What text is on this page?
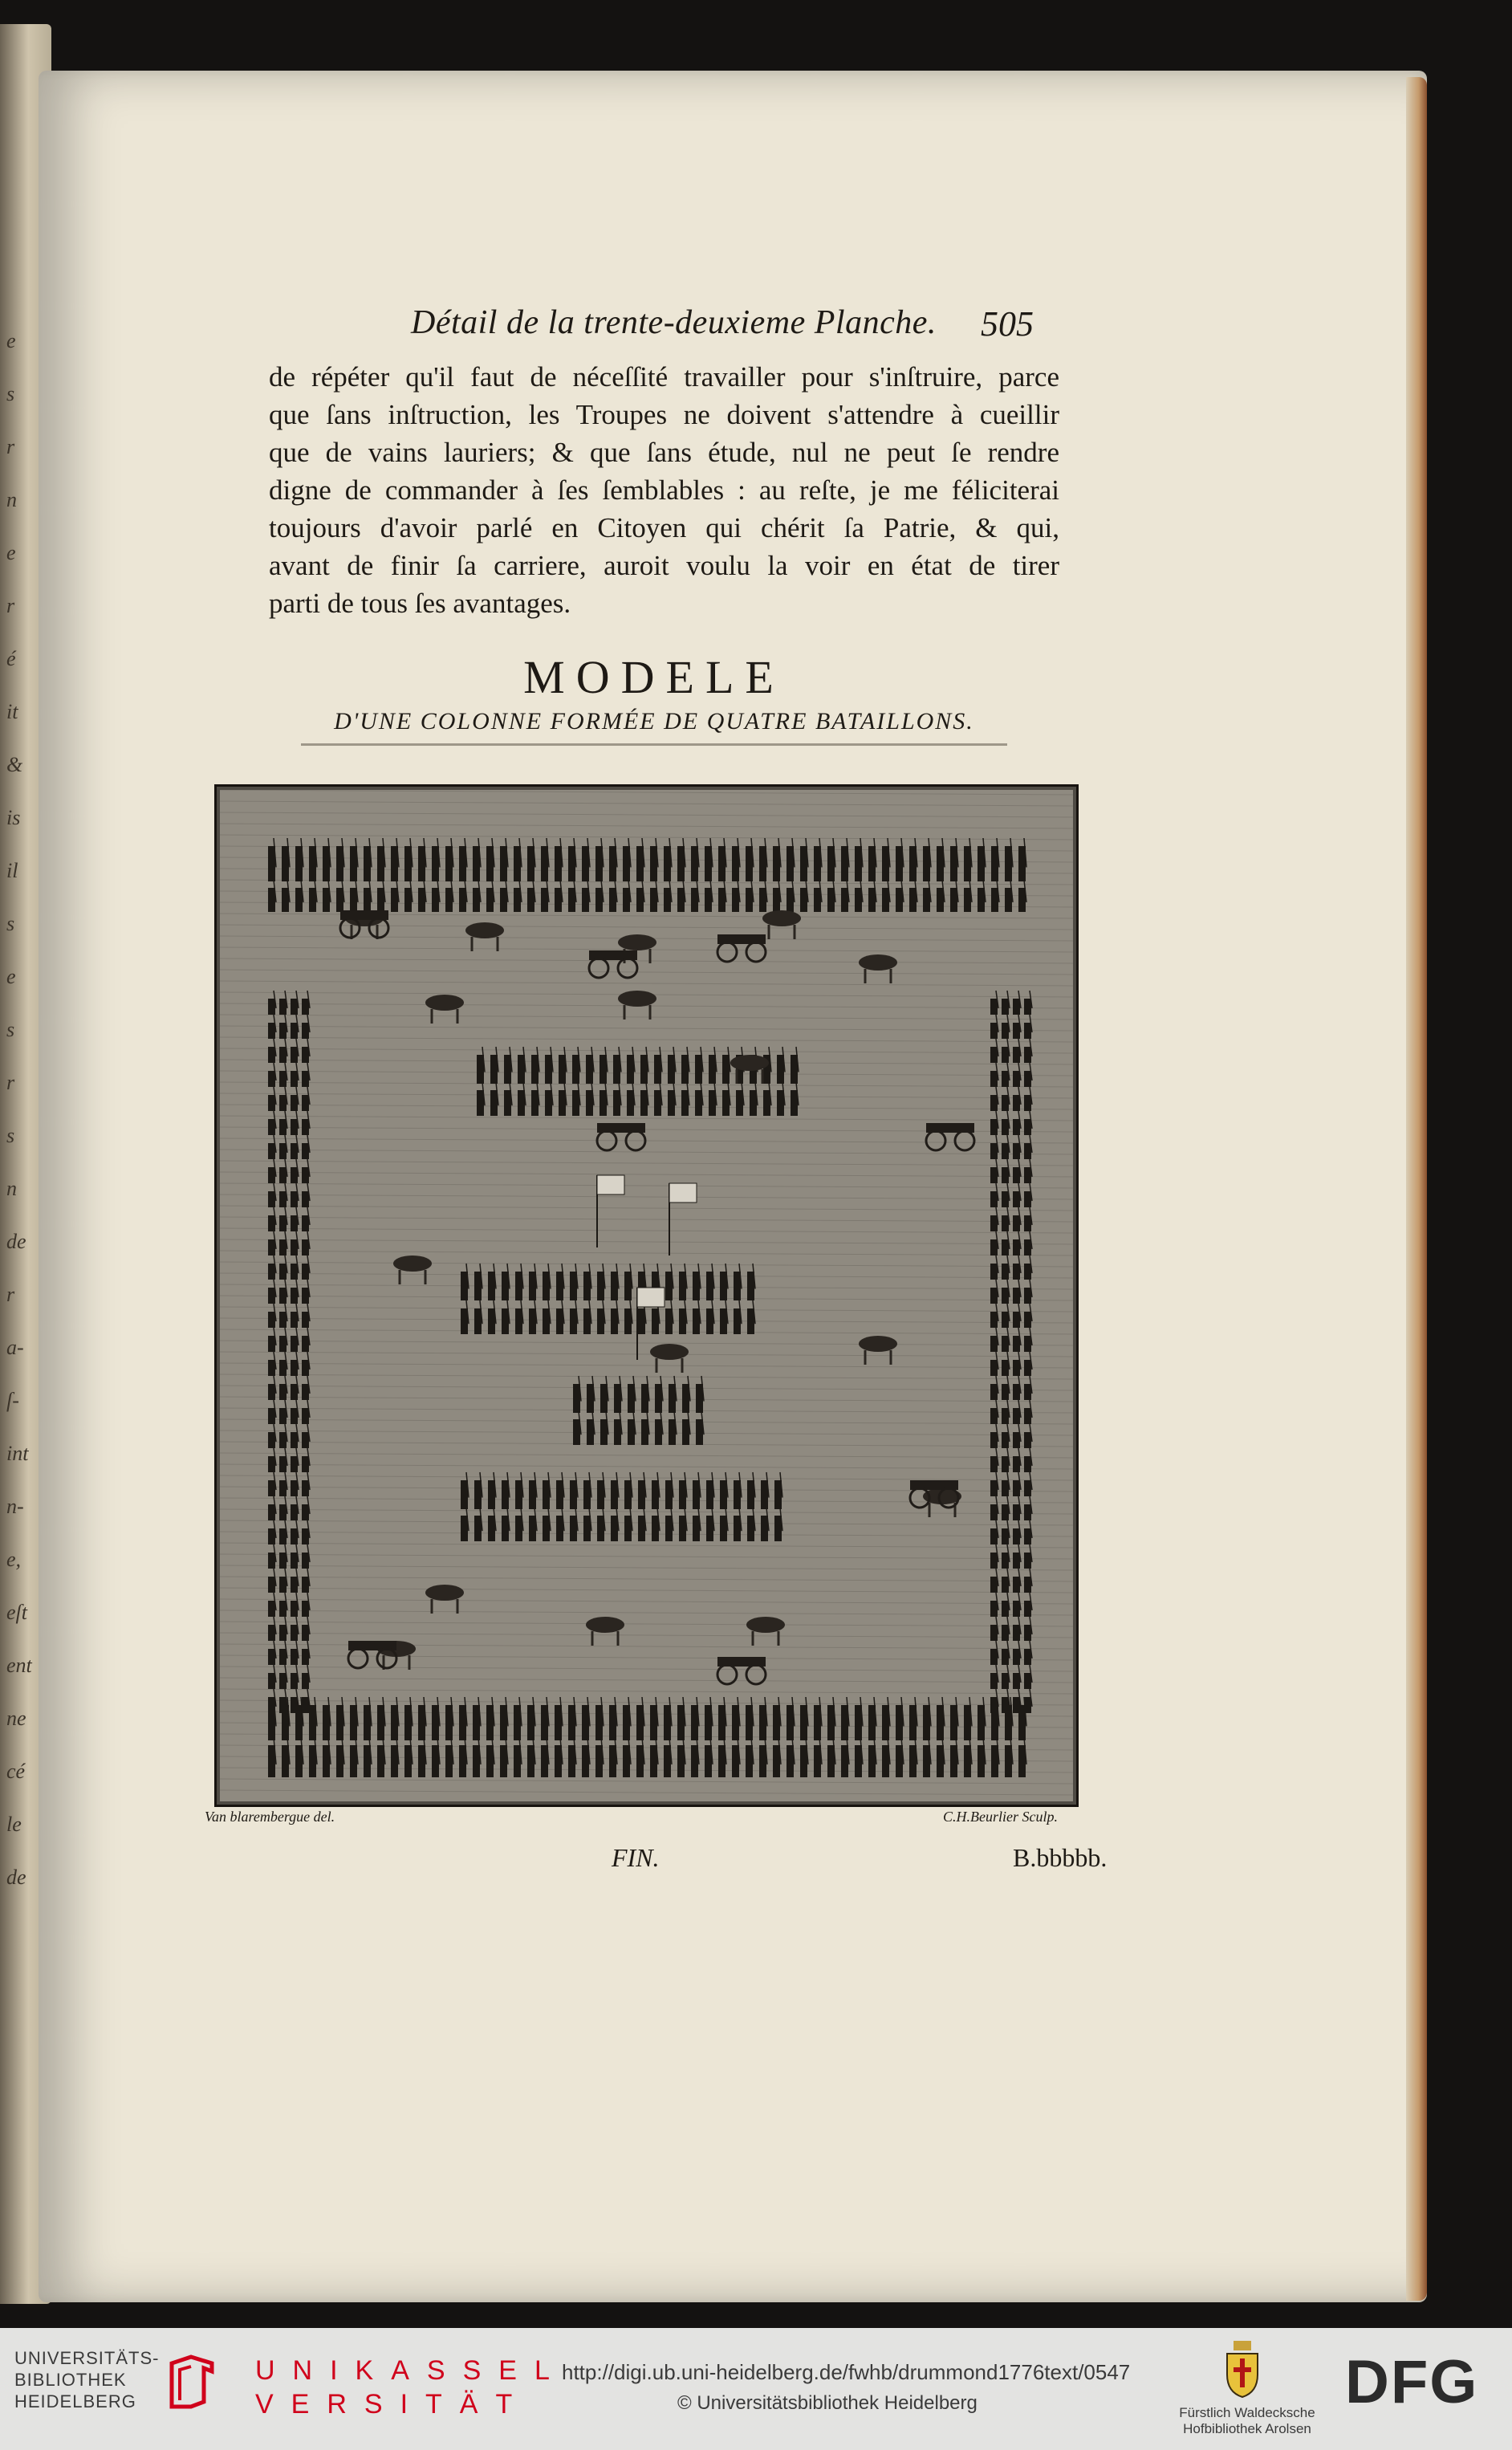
e
s
r
n
e
r
é
it
&
is
il
s
e
s
r
s
n
de
r
a-
ſ-
int
n-
e,
eſt
ent
ne
cé
le
de
Détail de la trente-deuxieme Planche. 505
de répéter qu'il faut de néceſſité travailler pour s'inſtruire, parce
que ſans inſtruction, les Troupes ne doivent s'attendre à cueillir
que de vains lauriers; & que ſans étude, nul ne peut ſe rendre
digne de commander à ſes ſemblables : au reſte, je me féliciterai
toujours d'avoir parlé en Citoyen qui chérit ſa Patrie, & qui,
avant de finir ſa carriere, auroit voulu la voir en état de tirer
parti de tous ſes avantages.
MODELE
D'UNE COLONNE FORMÉE DE QUATRE BATAILLONS.
Van blarembergue del.	C.H.Beurlier Sculp.
FIN.	B.bbbbb.
UNIVERSITÄTS-
BIBLIOTHEK
HEIDELBERG
UNIKASSEL
VERSITÄT
http://digi.ub.uni-heidelberg.de/fwhb/drummond1776text/0547
© Universitätsbibliothek Heidelberg	Fürstlich Waldecksche
Hofbibliothek Arolsen
DFG
